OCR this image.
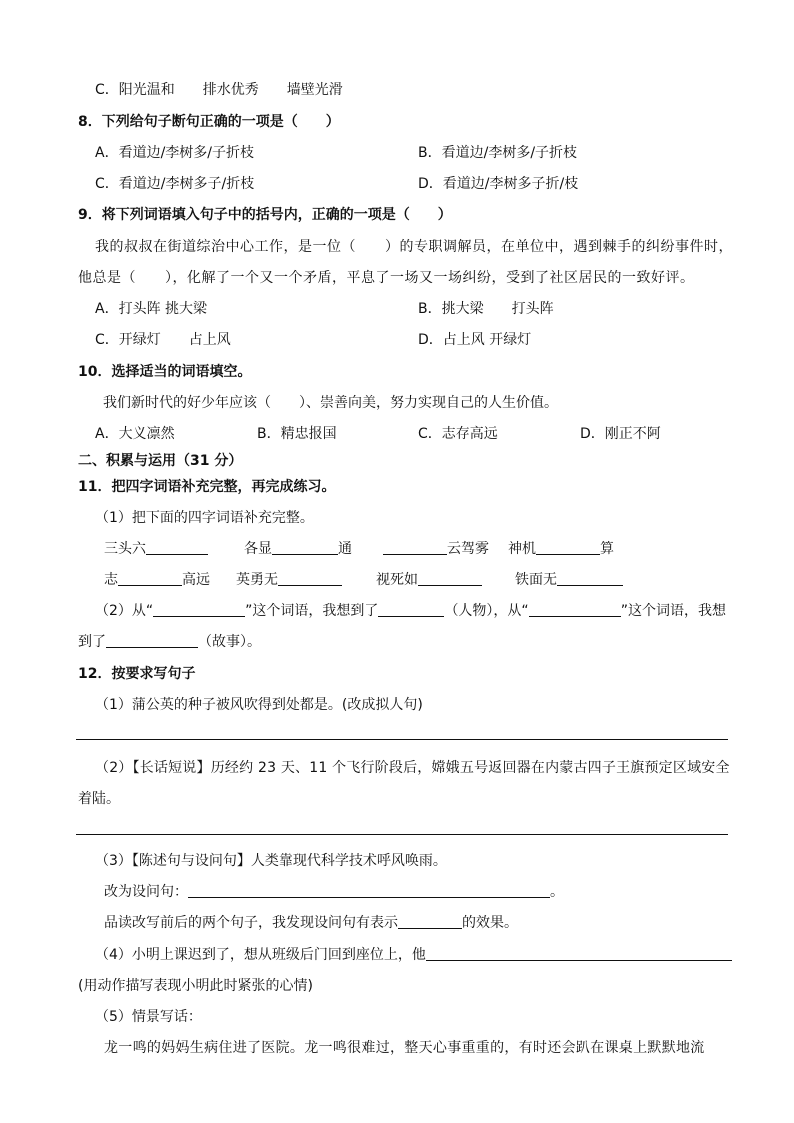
C．阳光温和　　排水优秀　　墙壁光滑
8．下列给句子断句正确的一项是（　　）
A．看道边/李树多/子折枝	B．看道边/李树多/子折枝
C．看道边/李树多子/折枝	D．看道边/李树多子折/枝
9．将下列词语填入句子中的括号内，正确的一项是（　　）
我的叔叔在街道综治中心工作，是一位（　　）的专职调解员，在单位中，遇到棘手的纠纷事件时，
他总是（　　），化解了一个又一个矛盾，平息了一场又一场纠纷，受到了社区居民的一致好评。
A．打头阵 挑大梁	B．挑大梁　　打头阵
C．开绿灯　　占上风	D．占上风 开绿灯
10．选择适当的词语填空。
我们新时代的好少年应该（　　）、崇善向美，努力实现自己的人生价值。
A．大义凛然	B．精忠报国	C．志存高远	D．刚正不阿
二、积累与运用（31 分）
11．把四字词语补充完整，再完成练习。
（1）把下面的四字词语补充完整。
三头六	各显	通	云驾雾 神机	算
志	高远 英勇无	视死如	铁面无
（2）从“	”这个词语，我想到了	（人物），从“	”这个词语，我想
到了	（故事）。
12．按要求写句子
（1）蒲公英的种子被风吹得到处都是。(改成拟人句)
（2）【长话短说】历经约 23 天、11 个飞行阶段后，嫦娥五号返回器在内蒙古四子王旗预定区域安全
着陆。
（3）【陈述句与设问句】人类靠现代科学技术呼风唤雨。
改为设问句：	。
品读改写前后的两个句子，我发现设问句有表示	的效果。
（4）小明上课迟到了，想从班级后门回到座位上，他
(用动作描写表现小明此时紧张的心情)
（5）情景写话：
龙一鸣的妈妈生病住进了医院。龙一鸣很难过，整天心事重重的，有时还会趴在课桌上默默地流
